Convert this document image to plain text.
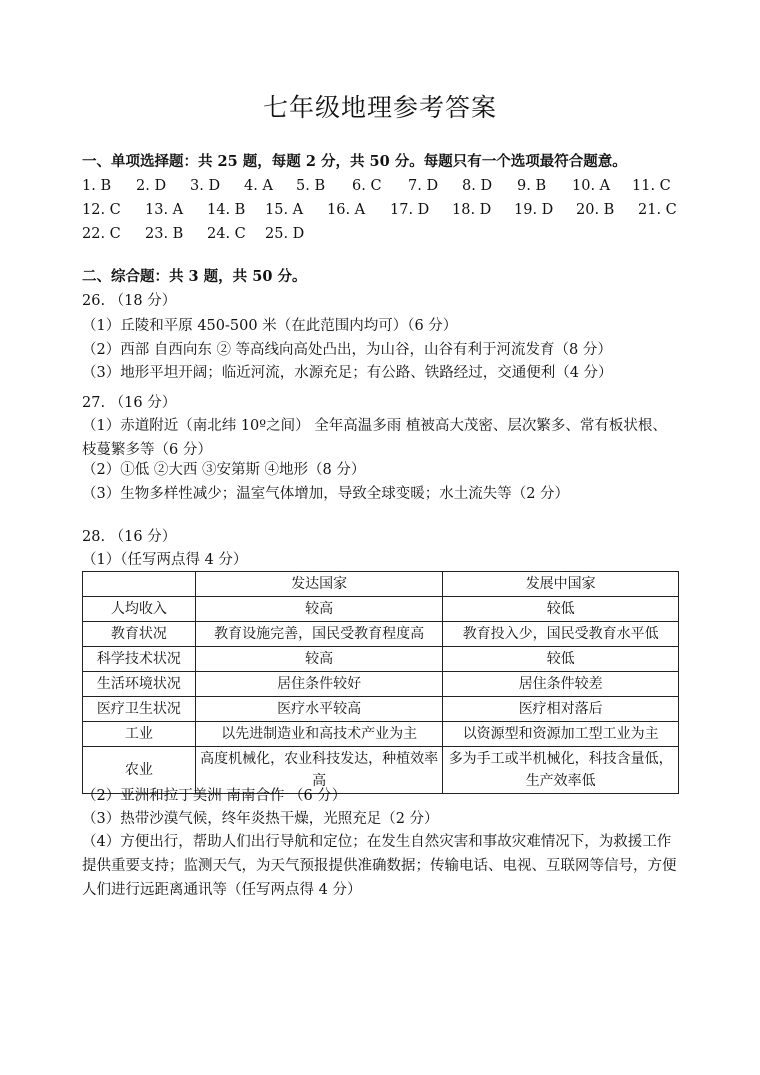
七年级地理参考答案
一、单项选择题：共 25 题，每题 2 分，共 50 分。每题只有一个选项最符合题意。
1. B 2. D 3. D 4. A 5. B 6. C 7. D 8. D 9. B 10. A 11. C
12. C 13. A 14. B 15. A 16. A 17. D 18. D 19. D 20. B 21. C
22. C 23. B 24. C 25. D
二、综合题：共 3 题，共 50 分。
26. （18 分）
（1）丘陵和平原 450-500 米（在此范围内均可）（6 分）
（2）西部 自西向东 ② 等高线向高处凸出，为山谷，山谷有利于河流发育（8 分）
（3）地形平坦开阔；临近河流，水源充足；有公路、铁路经过，交通便利（4 分）
27. （16 分）
（1）赤道附近（南北纬 10º之间） 全年高温多雨 植被高大茂密、层次繁多、常有板状根、枝蔓繁多等（6 分）
（2）①低 ②大西 ③安第斯 ④地形（8 分）
（3）生物多样性减少；温室气体增加，导致全球变暖；水土流失等（2 分）
28. （16 分）
（1）（任写两点得 4 分）
	发达国家	发展中国家
人均收入	较高	较低
教育状况	教育设施完善，国民受教育程度高	教育投入少，国民受教育水平低
科学技术状况	较高	较低
生活环境状况	居住条件较好	居住条件较差
医疗卫生状况	医疗水平较高	医疗相对落后
工业	以先进制造业和高技术产业为主	以资源型和资源加工型工业为主
农业	高度机械化，农业科技发达，种植效率高	多为手工或半机械化，科技含量低，生产效率低
（2）亚洲和拉丁美洲 南南合作 （6 分）
（3）热带沙漠气候，终年炎热干燥，光照充足（2 分）
（4）方便出行，帮助人们出行导航和定位；在发生自然灾害和事故灾难情况下，为救援工作提供重要支持；监测天气，为天气预报提供准确数据；传输电话、电视、互联网等信号，方便人们进行远距离通讯等（任写两点得 4 分）
